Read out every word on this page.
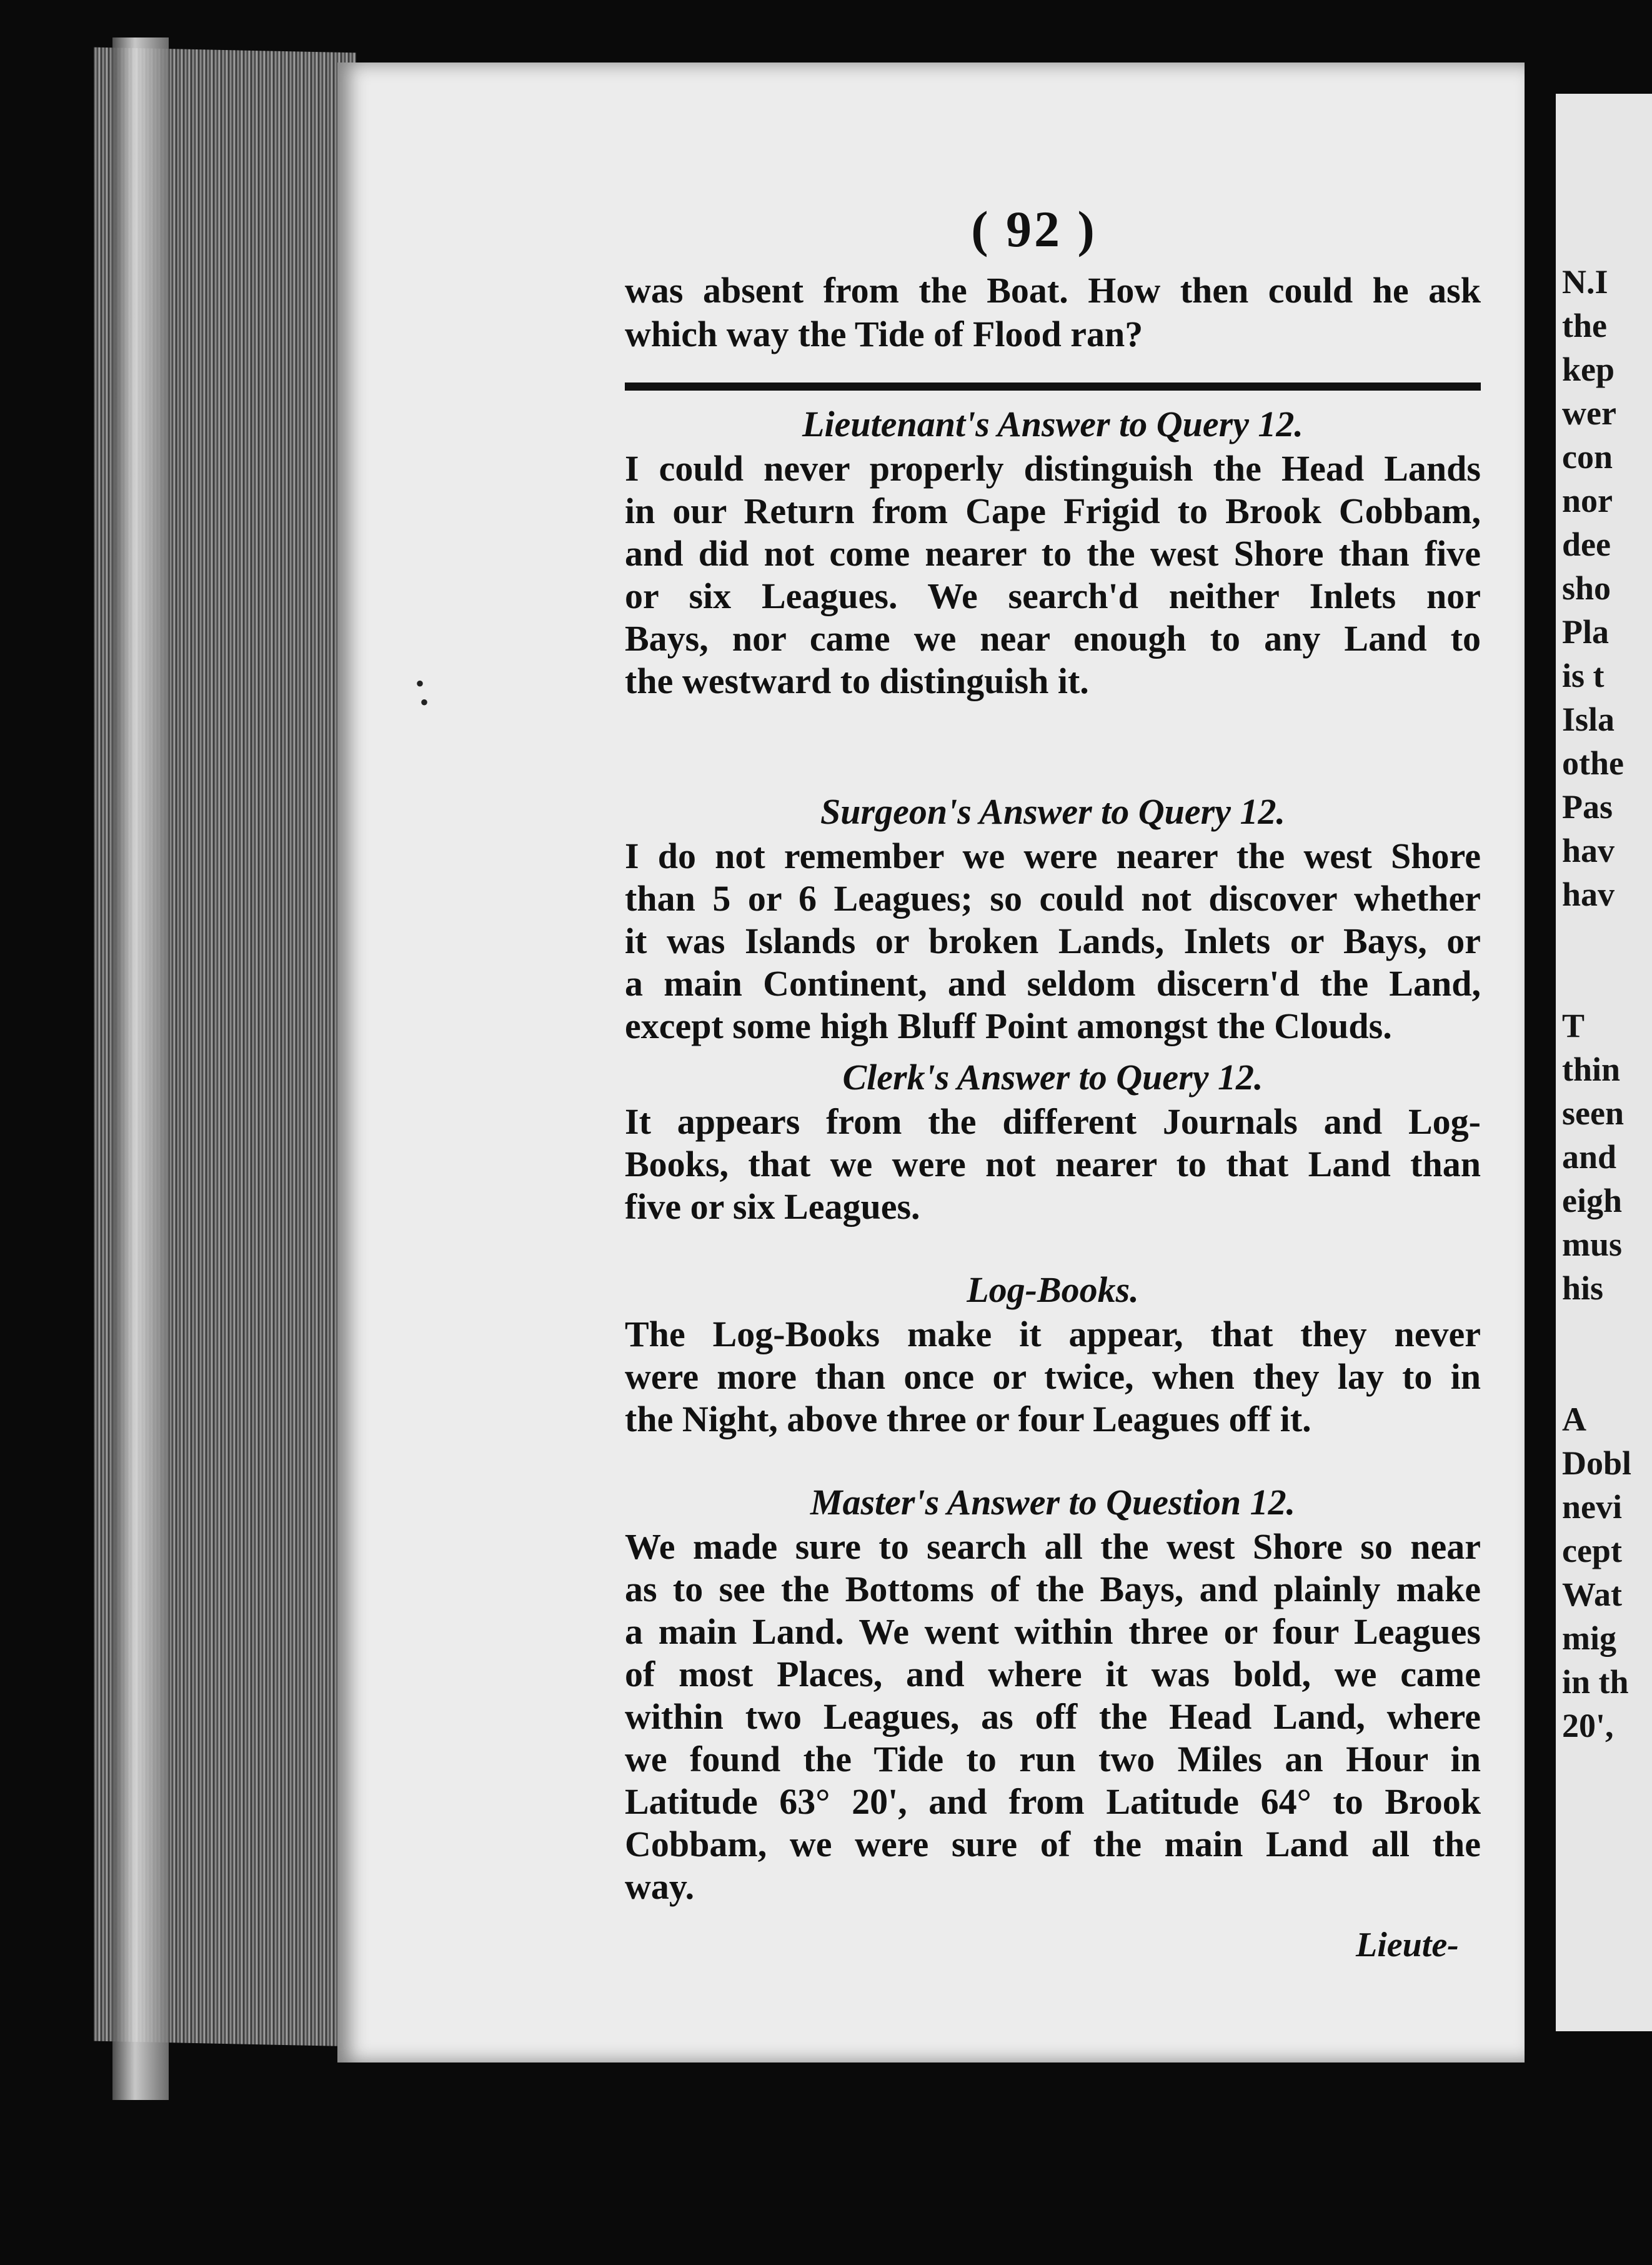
N.I
the
kep
wer
con
nor
dee
sho
Pla
is t
Isla
othe
Pas
hav
hav
T
thin
seen
and
eigh
mus
his
A
Dobl
nevi
cept
Wat
mig
in th
20',
( 92 )
was absent from the Boat. How then could he ask
which way the Tide of Flood ran?
Lieutenant's Answer to Query 12.
I could never properly distinguish the Head Lands
in our Return from Cape Frigid to Brook Cobbam,
and did not come nearer to the west Shore than five
or six Leagues. We search'd neither Inlets nor
Bays, nor came we near enough to any Land to
the westward to distinguish it.
Surgeon's Answer to Query 12.
I do not remember we were nearer the west Shore
than 5 or 6 Leagues; so could not discover whether
it was Islands or broken Lands, Inlets or Bays, or
a main Continent, and seldom discern'd the Land,
except some high Bluff Point amongst the Clouds.
Clerk's Answer to Query 12.
It appears from the different Journals and Log-
Books, that we were not nearer to that Land than
five or six Leagues.
Log-Books.
The Log-Books make it appear, that they never
were more than once or twice, when they lay to in
the Night, above three or four Leagues off it.
Master's Answer to Question 12.
We made sure to search all the west Shore so near
as to see the Bottoms of the Bays, and plainly make
a main Land. We went within three or four Leagues
of most Places, and where it was bold, we came
within two Leagues, as off the Head Land, where
we found the Tide to run two Miles an Hour in
Latitude 63° 20', and from Latitude 64° to Brook
Cobbam, we were sure of the main Land all the
way.
Lieute-
•
•
